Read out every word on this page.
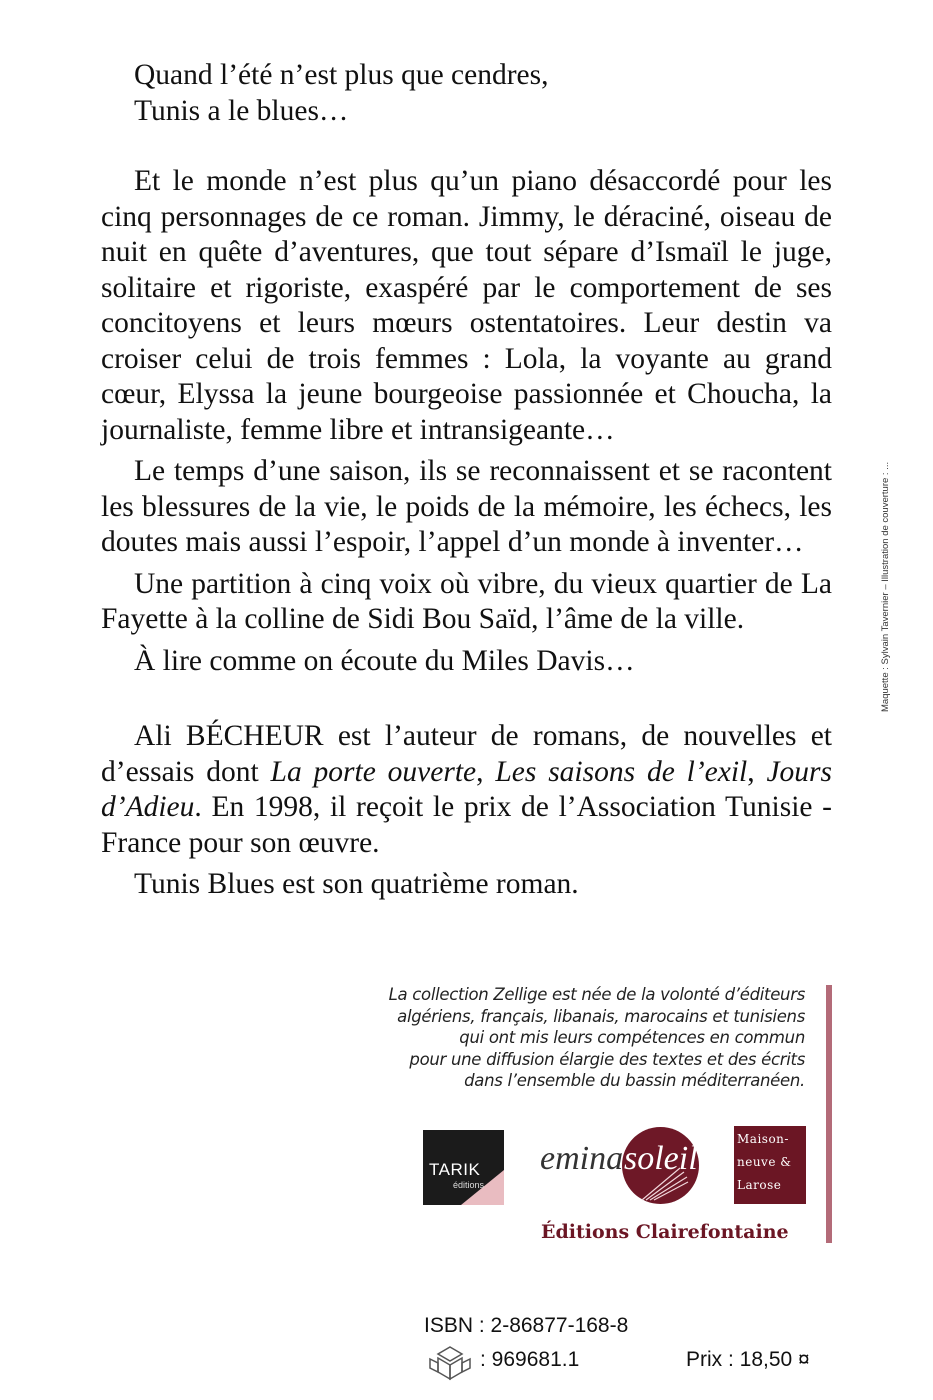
Quand l’été n’est plus que cendres,

Tunis a le blues…

Et le monde n’est plus qu’un piano désaccordé pour les cinq personnages de ce roman. Jimmy, le déraciné, oiseau de nuit en quête d’aventures, que tout sépare d’Ismaïl le juge, solitaire et rigoriste, exaspéré par le comportement de ses concitoyens et leurs mœurs ostentatoires. Leur destin va croiser celui de trois femmes : Lola, la voyante au grand cœur, Elyssa la jeune bourgeoise passionnée et Choucha, la journaliste, femme libre et intransigeante…

Le temps d’une saison, ils se reconnaissent et se racontent les blessures de la vie, le poids de la mémoire, les échecs, les doutes mais aussi l’espoir, l’appel d’un monde à inventer…

Une partition à cinq voix où vibre, du vieux quartier de La Fayette à la colline de Sidi Bou Saïd, l’âme de la ville.

À lire comme on écoute du Miles Davis…

Ali BÉCHEUR est l’auteur de romans, de nouvelles et d’essais dont La porte ouverte, Les saisons de l’exil, Jours d’Adieu. En 1998, il reçoit le prix de l’Association Tunisie - France pour son œuvre.

Tunis Blues est son quatrième roman.

Maquette : Sylvain Tavernier – Illustration de couverture : ...
La collection Zellige est née de la volonté d’éditeurs
algériens, français, libanais, marocains et tunisiens
qui ont mis leurs compétences en commun
pour une diffusion élargie des textes et des écrits
dans l’ensemble du bassin méditerranéen.
TARIK
éditions
emina soleil
Maison-
neuve &
Larose
Éditions Clairefontaine
ISBN : 2-86877-168-8
: 969681.1	Prix : 18,50 ¤
